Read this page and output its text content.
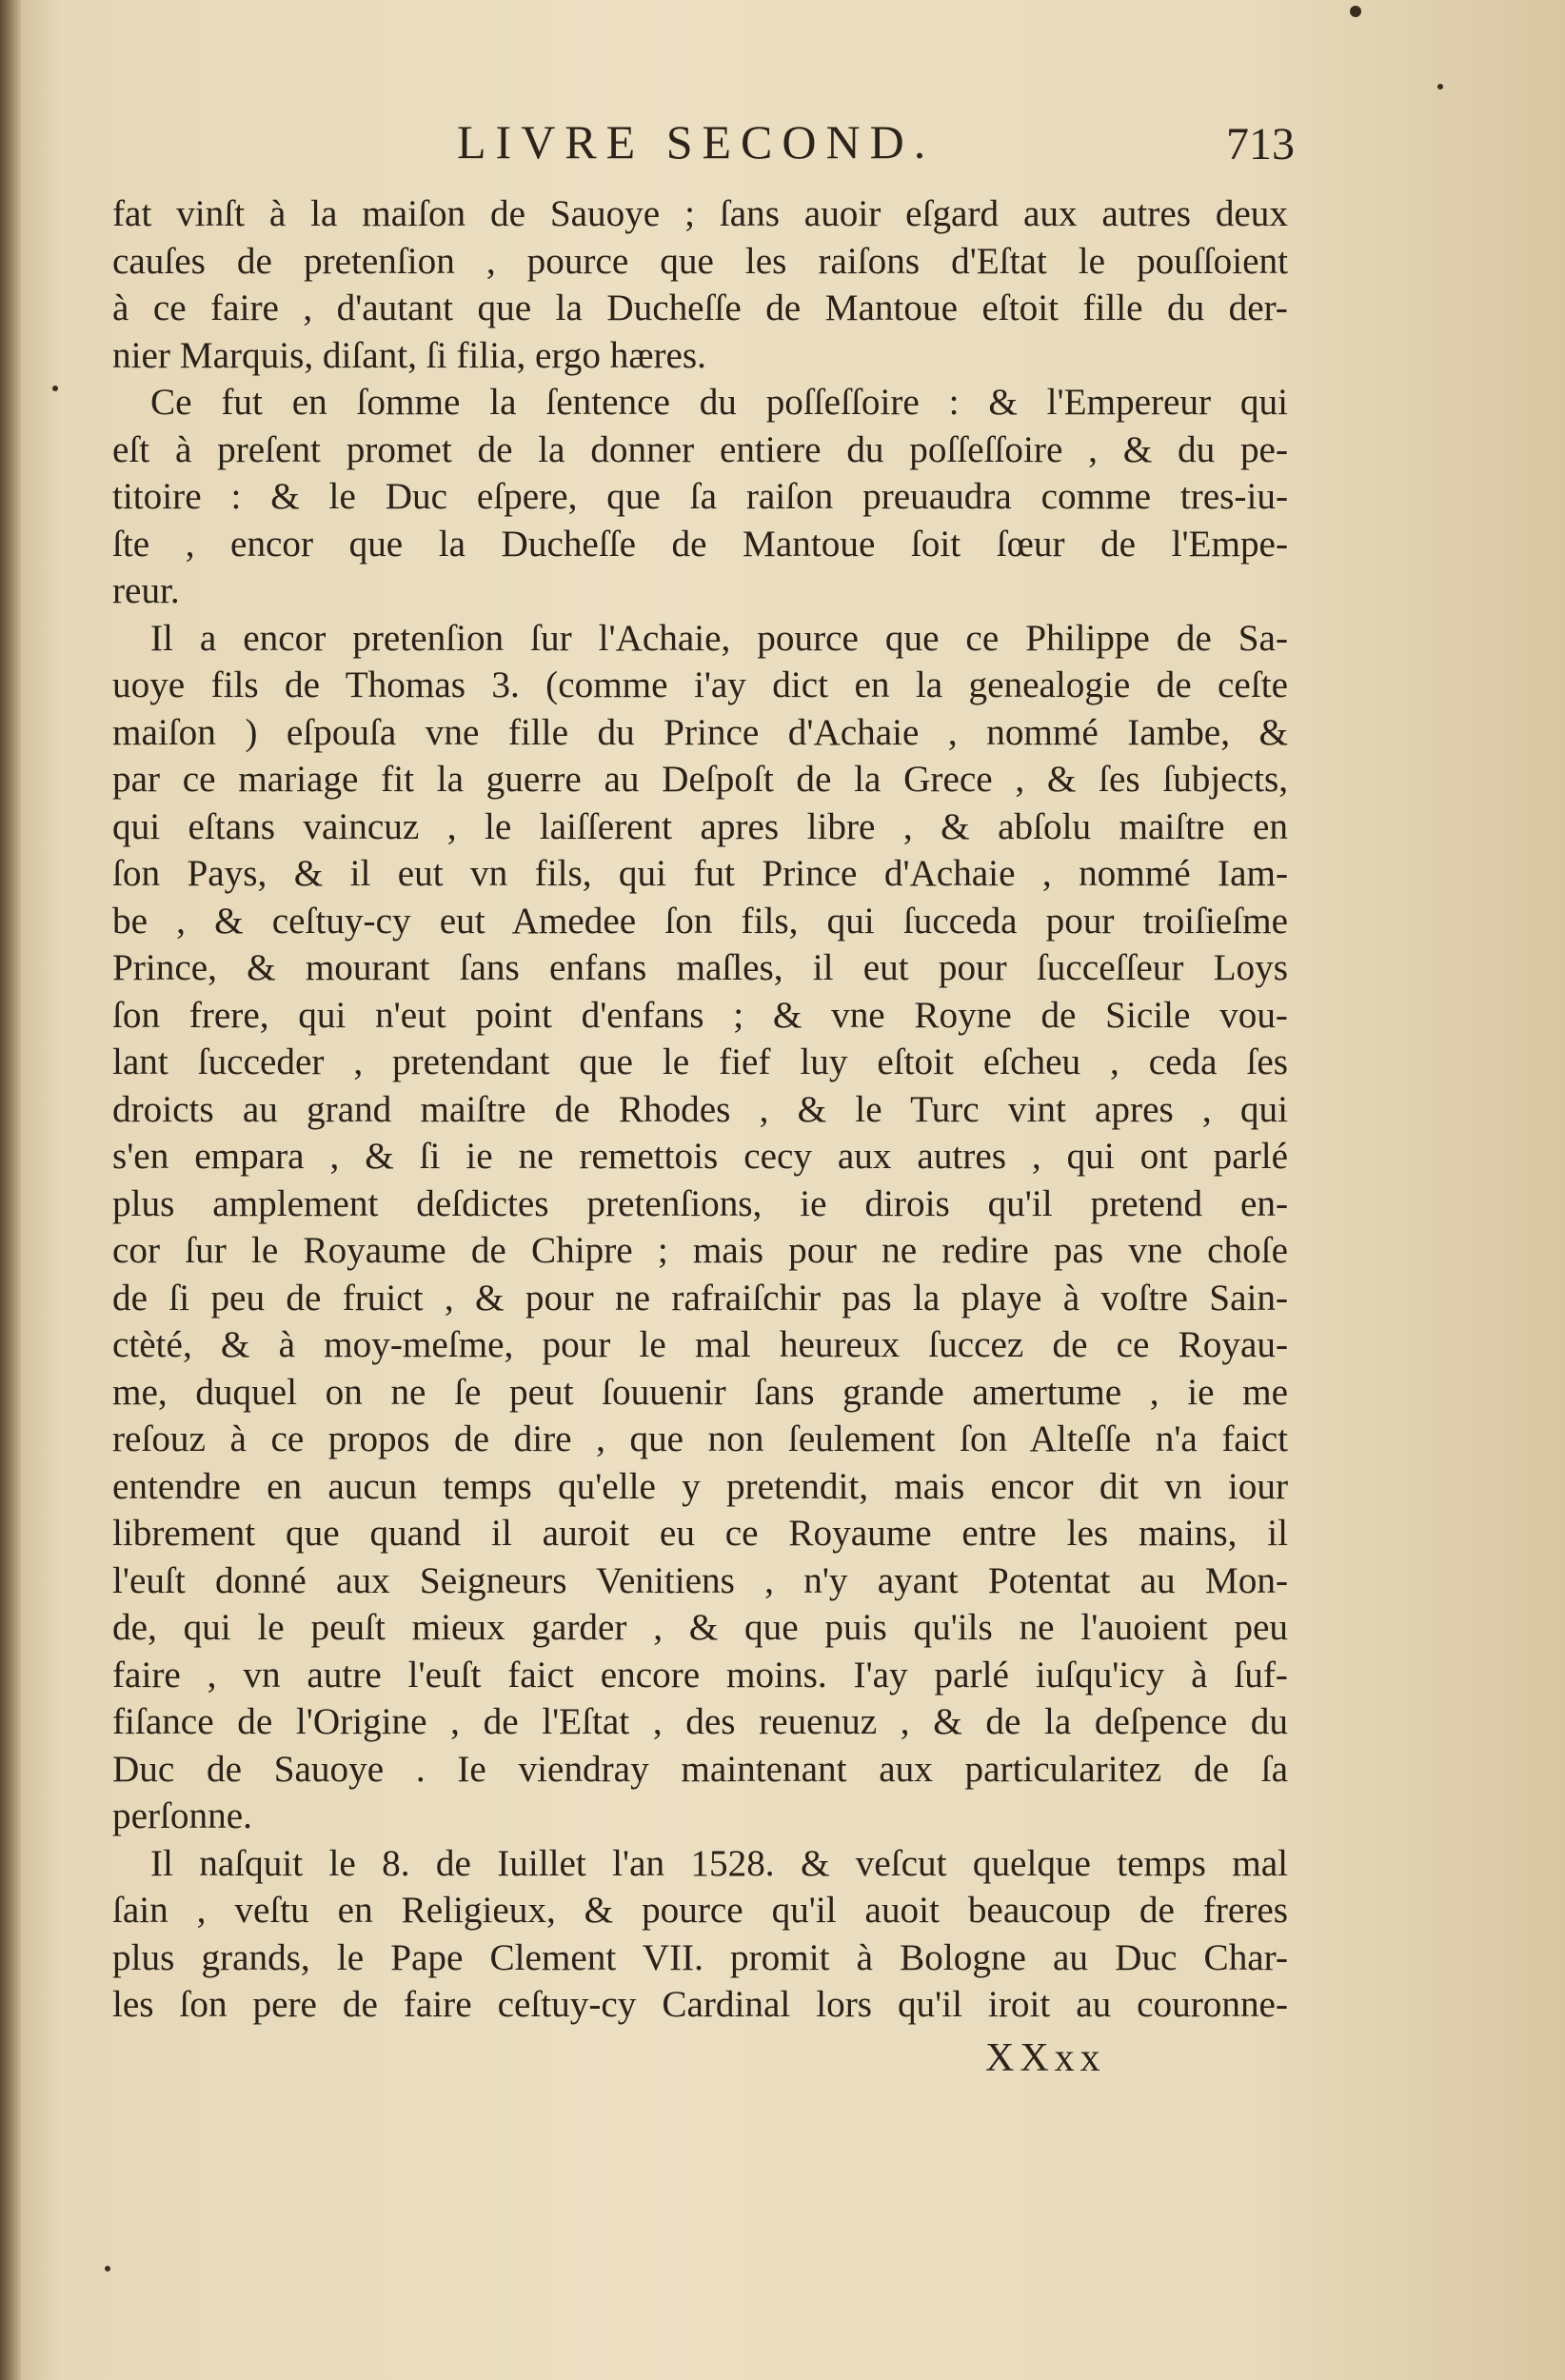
LIVRE SECOND.	713
fat vinſt à la maiſon de Sauoye ; ſans auoir eſgard aux autres deux
cauſes de pretenſion , pource que les raiſons d'Eſtat le pouſſoient
à ce faire , d'autant que la Ducheſſe de Mantoue eſtoit fille du der-
nier Marquis, diſant, ſi filia, ergo hæres.
Ce fut en ſomme la ſentence du poſſeſſoire : & l'Empereur qui
eſt à preſent promet de la donner entiere du poſſeſſoire , & du pe-
titoire : & le Duc eſpere, que ſa raiſon preuaudra comme tres-iu-
ſte , encor que la Ducheſſe de Mantoue ſoit ſœur de l'Empe-
reur.
Il a encor pretenſion ſur l'Achaie, pource que ce Philippe de Sa-
uoye fils de Thomas 3. (comme i'ay dict en la genealogie de ceſte
maiſon ) eſpouſa vne fille du Prince d'Achaie , nommé Iambe, &
par ce mariage fit la guerre au Deſpoſt de la Grece , & ſes ſubjects,
qui eſtans vaincuz , le laiſſerent apres libre , & abſolu maiſtre en
ſon Pays, & il eut vn fils, qui fut Prince d'Achaie , nommé Iam-
be , & ceſtuy-cy eut Amedee ſon fils, qui ſucceda pour troiſieſme
Prince, & mourant ſans enfans maſles, il eut pour ſucceſſeur Loys
ſon frere, qui n'eut point d'enfans ; & vne Royne de Sicile vou-
lant ſucceder , pretendant que le fief luy eſtoit eſcheu , ceda ſes
droicts au grand maiſtre de Rhodes , & le Turc vint apres , qui
s'en empara , & ſi ie ne remettois cecy aux autres , qui ont parlé
plus amplement deſdictes pretenſions, ie dirois qu'il pretend en-
cor ſur le Royaume de Chipre ; mais pour ne redire pas vne choſe
de ſi peu de fruict , & pour ne rafraiſchir pas la playe à voſtre Sain-
ctèté, & à moy-meſme, pour le mal heureux ſuccez de ce Royau-
me, duquel on ne ſe peut ſouuenir ſans grande amertume , ie me
reſouz à ce propos de dire , que non ſeulement ſon Alteſſe n'a faict
entendre en aucun temps qu'elle y pretendit, mais encor dit vn iour
librement que quand il auroit eu ce Royaume entre les mains, il
l'euſt donné aux Seigneurs Venitiens , n'y ayant Potentat au Mon-
de, qui le peuſt mieux garder , & que puis qu'ils ne l'auoient peu
faire , vn autre l'euſt faict encore moins. I'ay parlé iuſqu'icy à ſuf-
fiſance de l'Origine , de l'Eſtat , des reuenuz , & de la deſpence du
Duc de Sauoye . Ie viendray maintenant aux particularitez de ſa
perſonne.
Il naſquit le 8. de Iuillet l'an 1528. & veſcut quelque temps mal
ſain , veſtu en Religieux, & pource qu'il auoit beaucoup de freres
plus grands, le Pape Clement VII. promit à Bologne au Duc Char-
les ſon pere de faire ceſtuy-cy Cardinal lors qu'il iroit au couronne-
XXxx
